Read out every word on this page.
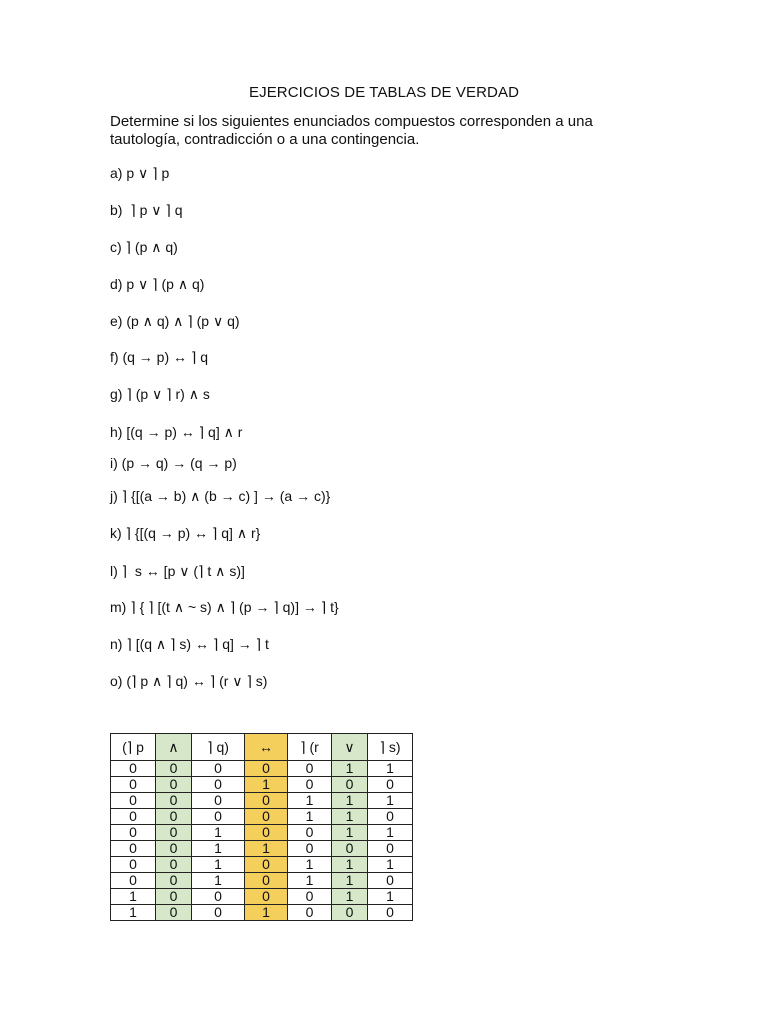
EJERCICIOS DE TABLAS DE VERDAD
Determine si los siguientes enunciados compuestos corresponden a una tautología, contradicción o a una contingencia.
a) p ∨ ⌉ p
b)  ⌉ p ∨ ⌉ q
c) ⌉ (p ∧ q)
d) p ∨ ⌉ (p ∧ q)
e) (p ∧ q) ∧ ⌉ (p ∨ q)
f) (q → p) ↔ ⌉ q
g) ⌉ (p ∨ ⌉ r) ∧ s
h) [(q → p) ↔ ⌉ q] ∧ r
i) (p → q) → (q → p)
j) ⌉ {[(a → b) ∧ (b → c) ] → (a → c)}
k) ⌉ {[(q → p) ↔ ⌉ q] ∧ r}
l) ⌉  s ↔ [p ∨ (⌉ t ∧ s)]
m) ⌉ { ⌉ [(t ∧ ~ s) ∧ ⌉ (p → ⌉ q)] → ⌉ t}
n) ⌉ [(q ∧ ⌉ s) ↔ ⌉ q] → ⌉ t
o) (⌉ p ∧ ⌉ q) ↔ ⌉ (r ∨ ⌉ s)
(⌉ p	∧	⌉ q)	↔	⌉ (r	∨	⌉ s)
0	0	0	0	0	1	1
0	0	0	1	0	0	0
0	0	0	0	1	1	1
0	0	0	0	1	1	0
0	0	1	0	0	1	1
0	0	1	1	0	0	0
0	0	1	0	1	1	1
0	0	1	0	1	1	0
1	0	0	0	0	1	1
1	0	0	1	0	0	0
